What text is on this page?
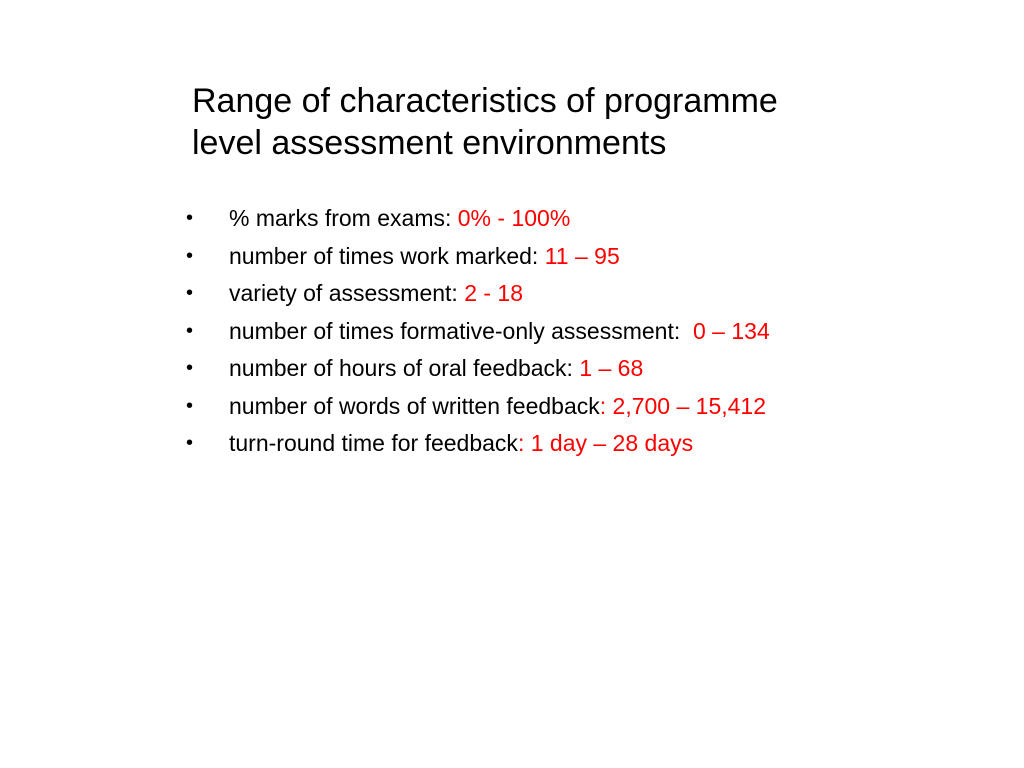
Range of characteristics of programme
level assessment environments
•	% marks from exams: 0% - 100%
•	number of times work marked: 11 – 95
•	variety of assessment: 2 - 18
•	number of times formative-only assessment:  0 – 134
•	number of hours of oral feedback: 1 – 68
•	number of words of written feedback: 2,700 – 15,412
•	turn-round time for feedback: 1 day – 28 days
